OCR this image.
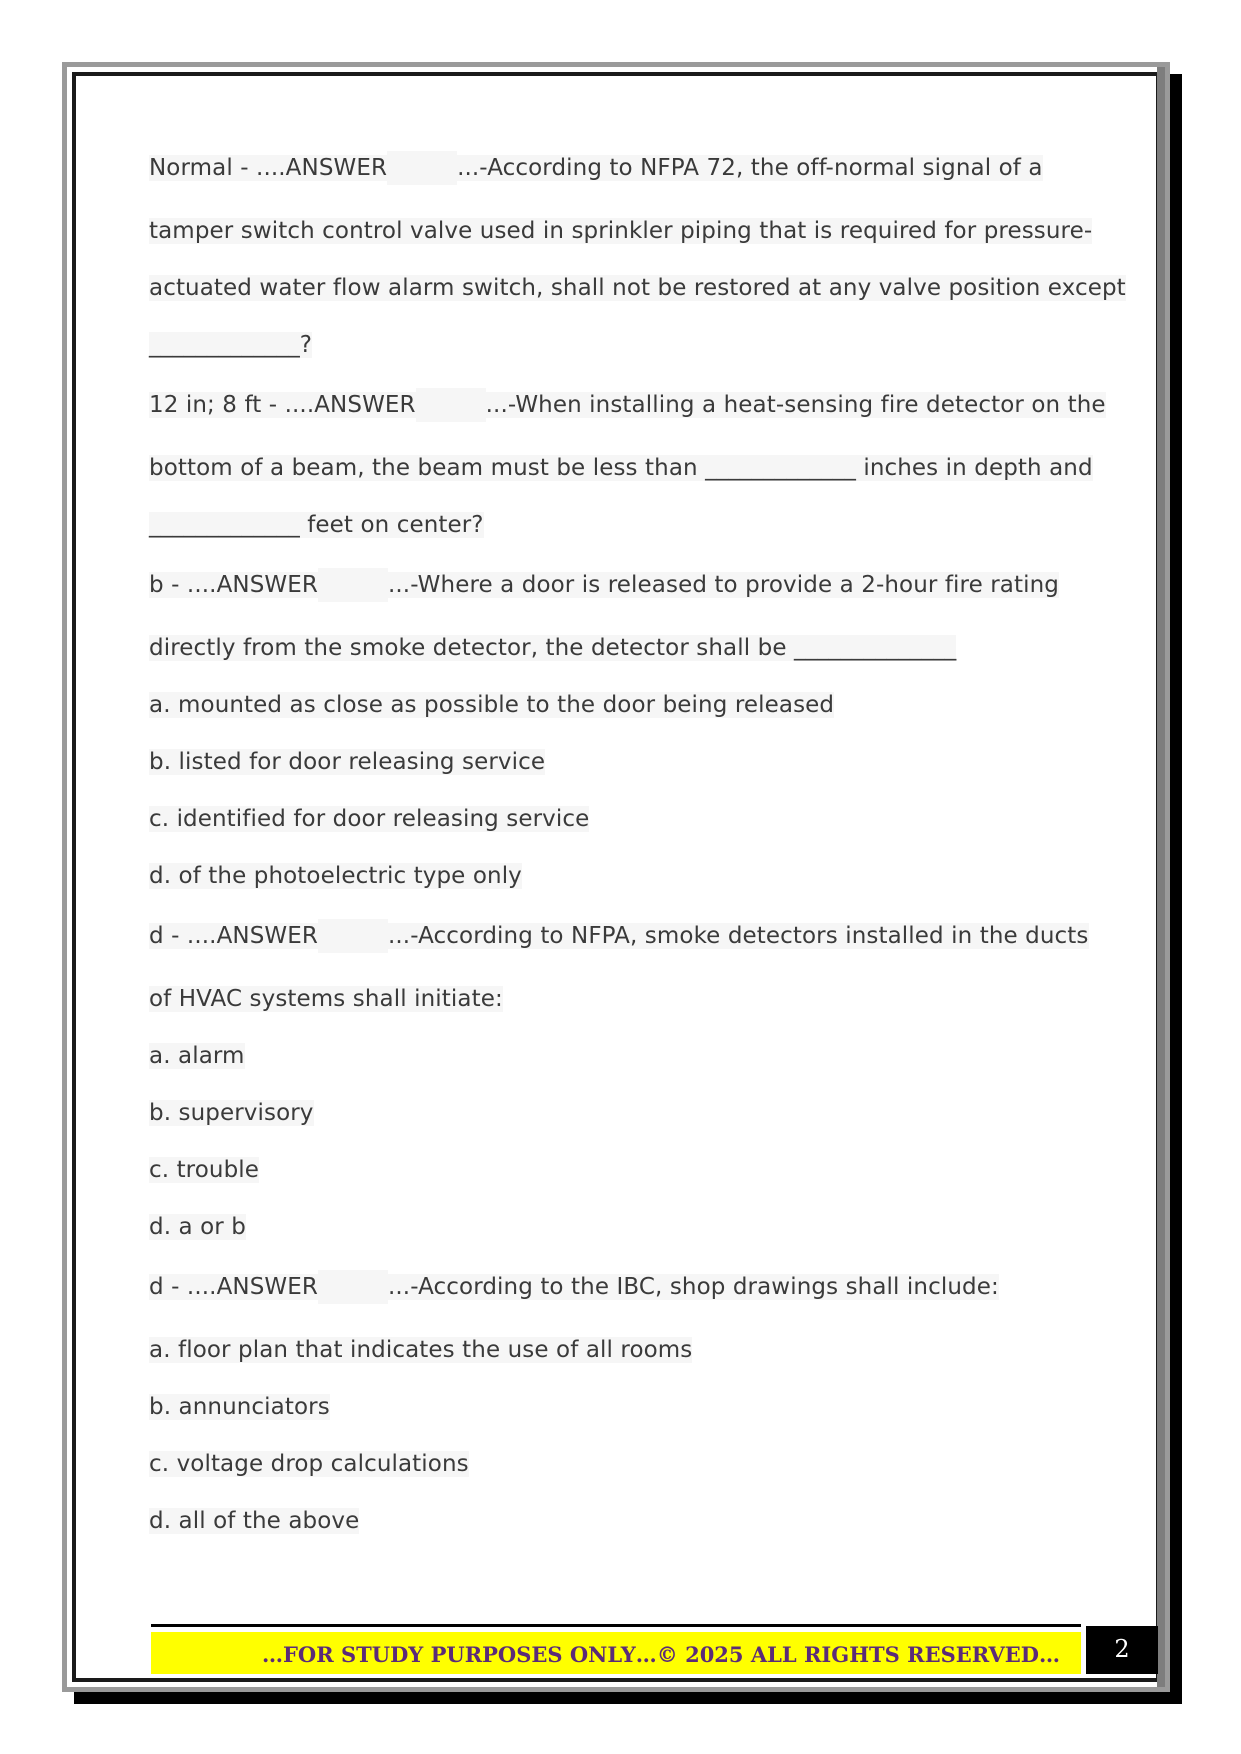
Normal - ....ANSWER	...-According to NFPA 72, the off-normal signal of a
tamper switch control valve used in sprinkler piping that is required for pressure-
actuated water flow alarm switch, shall not be restored at any valve position except
_____________?
12 in; 8 ft - ....ANSWER	...-When installing a heat-sensing fire detector on the
bottom of a beam, the beam must be less than _____________ inches in depth and
_____________ feet on center?
b - ....ANSWER	...-Where a door is released to provide a 2-hour fire rating
directly from the smoke detector, the detector shall be ______________
a. mounted as close as possible to the door being released
b. listed for door releasing service
c. identified for door releasing service
d. of the photoelectric type only
d - ....ANSWER	...-According to NFPA, smoke detectors installed in the ducts
of HVAC systems shall initiate:
a. alarm
b. supervisory
c. trouble
d. a or b
d - ....ANSWER	...-According to the IBC, shop drawings shall include:
a. floor plan that indicates the use of all rooms
b. annunciators
c. voltage drop calculations
d. all of the above
…FOR STUDY PURPOSES ONLY…© 2025 ALL RIGHTS RESERVED…	2
